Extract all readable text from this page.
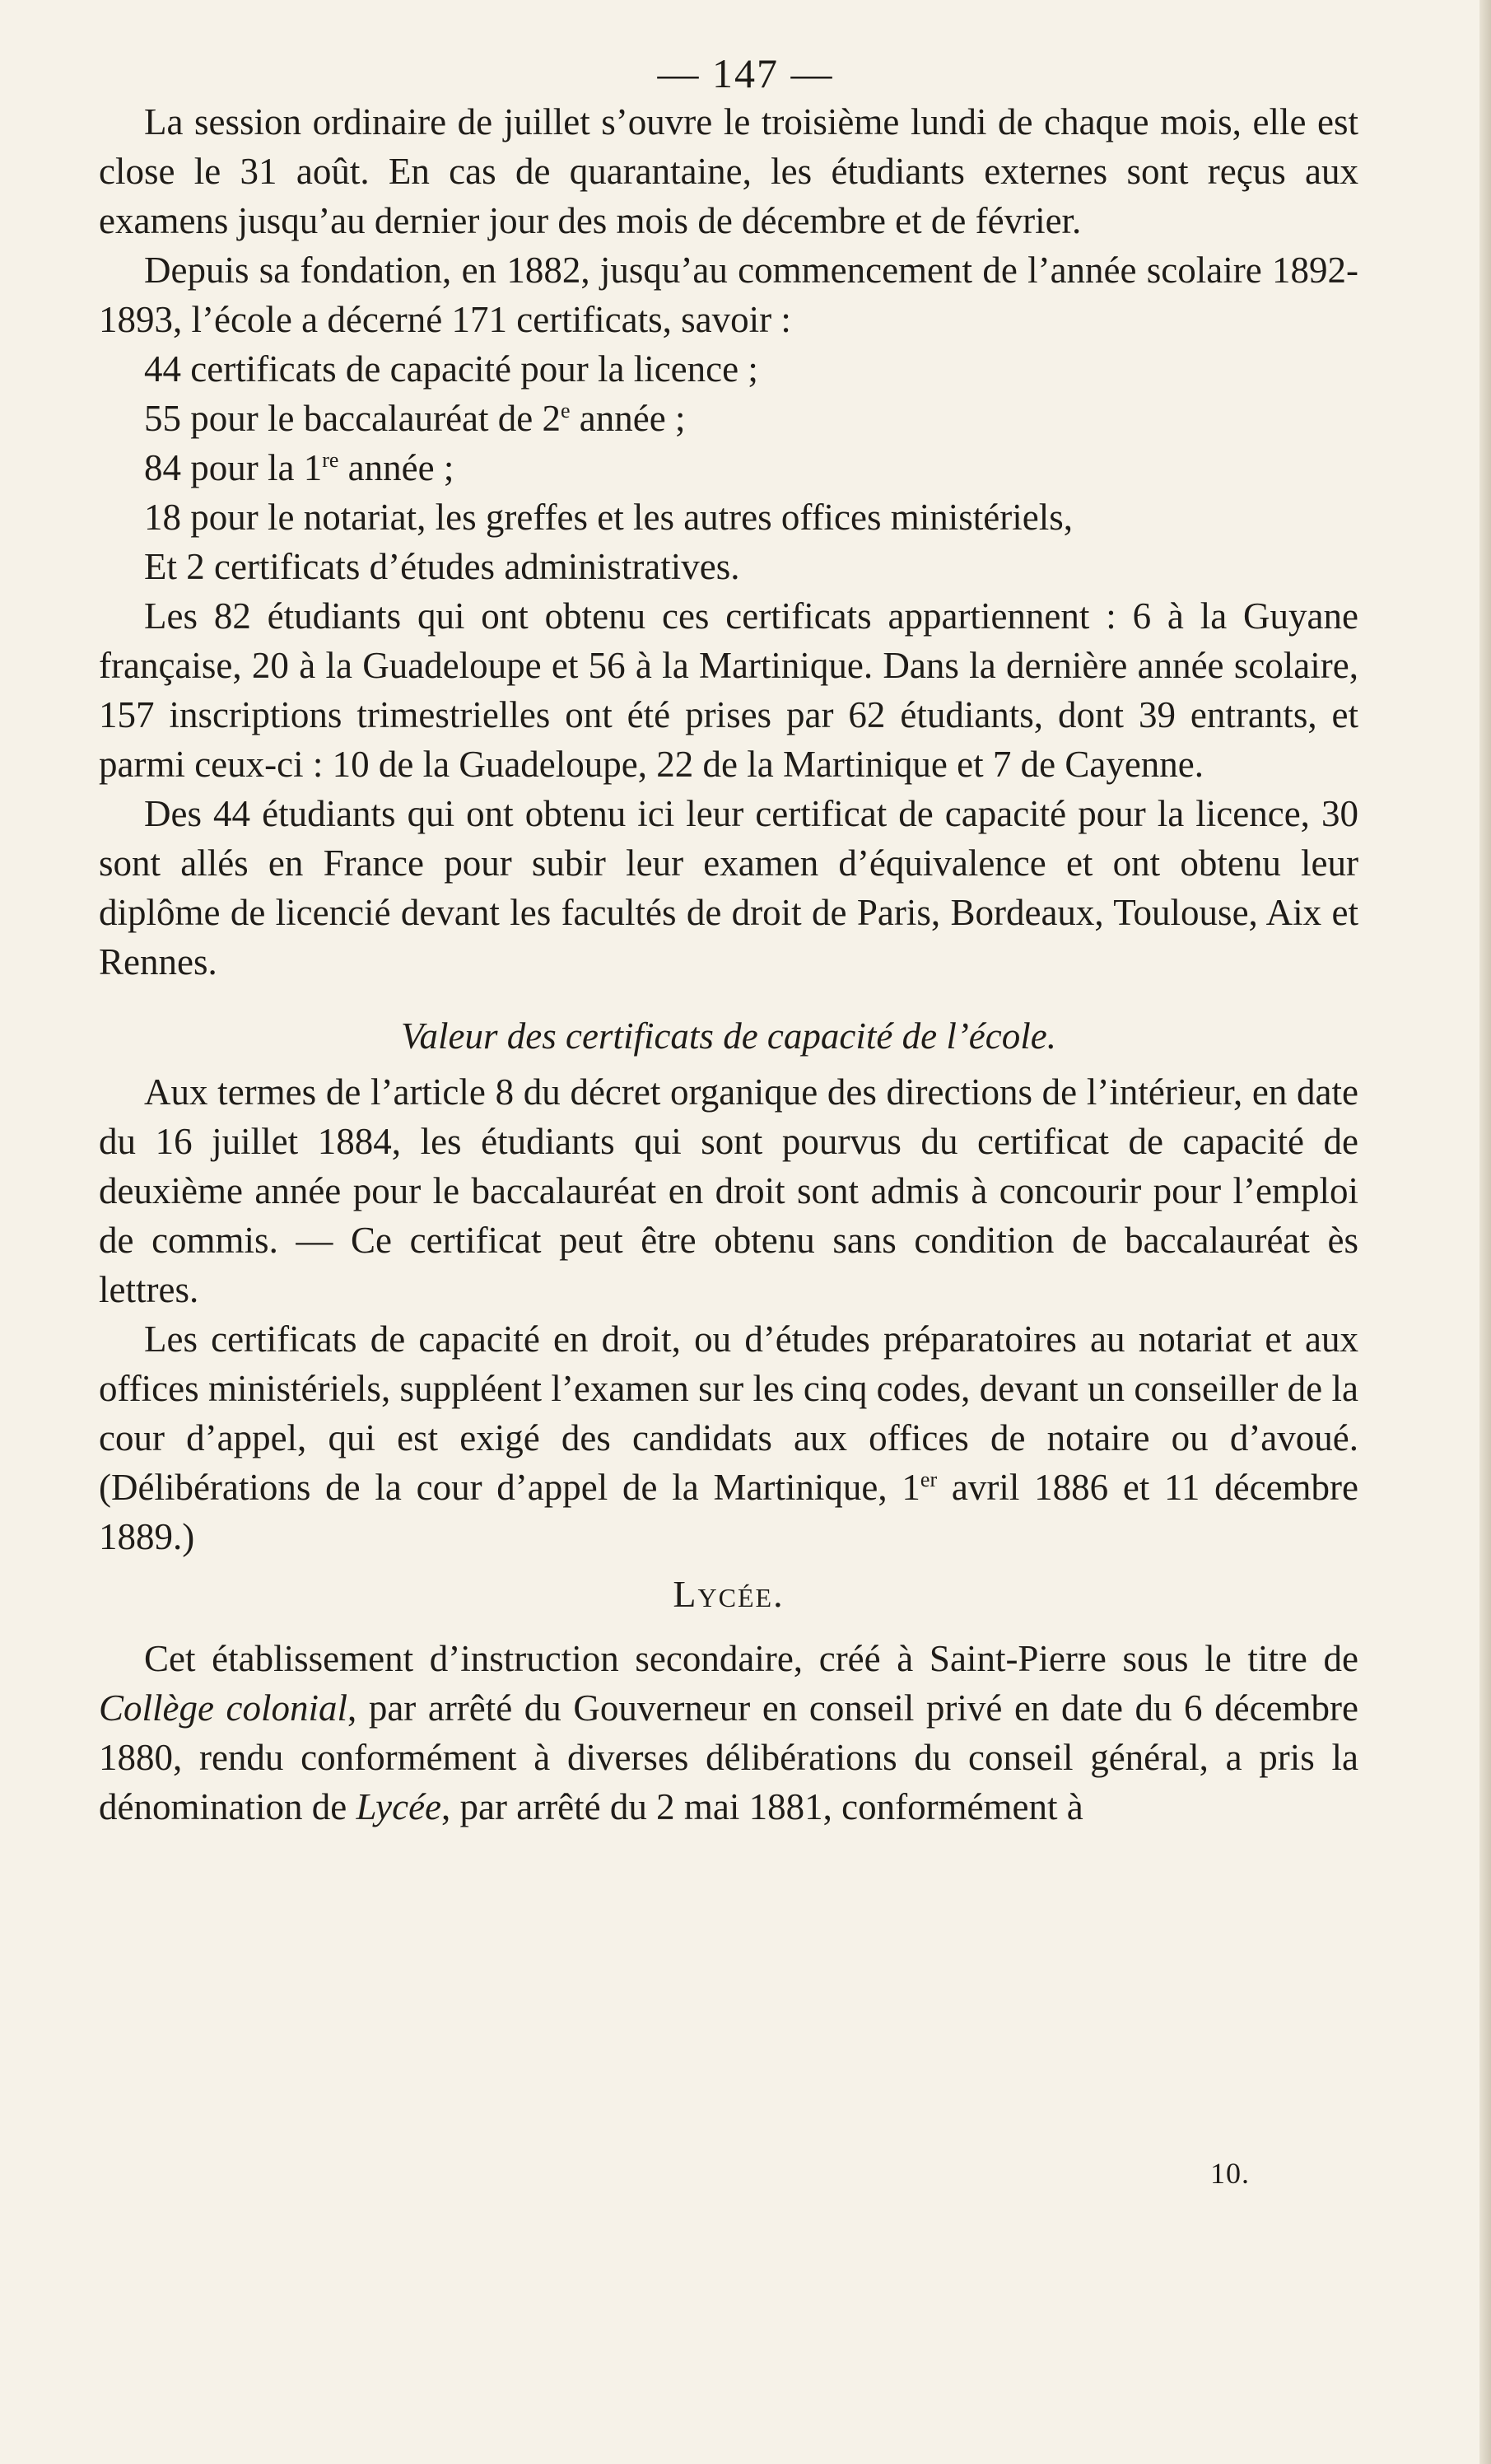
— 147 —

La session ordinaire de juillet s’ouvre le troisième lundi de chaque mois, elle est close le 31 août. En cas de quarantaine, les étudiants externes sont reçus aux examens jusqu’au dernier jour des mois de décembre et de février.

Depuis sa fondation, en 1882, jusqu’au commencement de l’année scolaire 1892-1893, l’école a décerné 171 certificats, savoir :

44 certificats de capacité pour la licence ;

55 pour le baccalauréat de 2e année ;

84 pour la 1re année ;

18 pour le notariat, les greffes et les autres offices ministériels,

Et 2 certificats d’études administratives.

Les 82 étudiants qui ont obtenu ces certificats appartiennent : 6 à la Guyane française, 20 à la Guadeloupe et 56 à la Martinique. Dans la dernière année scolaire, 157 inscriptions trimestrielles ont été prises par 62 étudiants, dont 39 entrants, et parmi ceux-ci : 10 de la Guadeloupe, 22 de la Martinique et 7 de Cayenne.

Des 44 étudiants qui ont obtenu ici leur certificat de capacité pour la licence, 30 sont allés en France pour subir leur examen d’équivalence et ont obtenu leur diplôme de licencié devant les facultés de droit de Paris, Bordeaux, Toulouse, Aix et Rennes.

Valeur des certificats de capacité de l’école.

Aux termes de l’article 8 du décret organique des directions de l’intérieur, en date du 16 juillet 1884, les étudiants qui sont pourvus du certificat de capacité de deuxième année pour le baccalauréat en droit sont admis à concourir pour l’emploi de commis. — Ce certificat peut être obtenu sans condition de baccalauréat ès lettres.

Les certificats de capacité en droit, ou d’études préparatoires au notariat et aux offices ministériels, suppléent l’examen sur les cinq codes, devant un conseiller de la cour d’appel, qui est exigé des candidats aux offices de notaire ou d’avoué. (Délibérations de la cour d’appel de la Martinique, 1er avril 1886 et 11 décembre 1889.)

Lycée.

Cet établissement d’instruction secondaire, créé à Saint-Pierre sous le titre de Collège colonial, par arrêté du Gouverneur en conseil privé en date du 6 décembre 1880, rendu conformément à diverses délibérations du conseil général, a pris la dénomination de Lycée, par arrêté du 2 mai 1881, conformément à

10.
